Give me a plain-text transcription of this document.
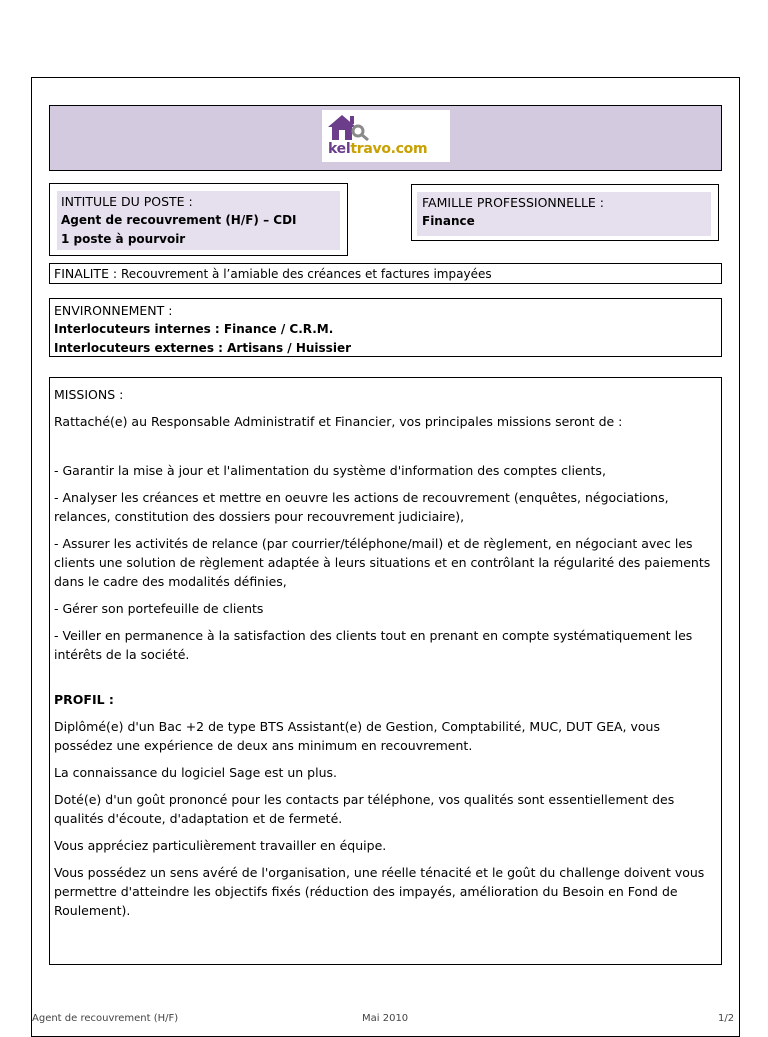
keltravo.com
INTITULE DU POSTE :
Agent de recouvrement (H/F) – CDI
1 poste à pourvoir
FAMILLE PROFESSIONNELLE :
Finance
FINALITE : Recouvrement à l’amiable des créances et factures impayées
ENVIRONNEMENT :
Interlocuteurs internes : Finance / C.R.M.
Interlocuteurs externes : Artisans / Huissier

MISSIONS :

Rattaché(e) au Responsable Administratif et Financier, vos principales missions seront de :

- Garantir la mise à jour et l'alimentation du système d'information des comptes clients,

- Analyser les créances et mettre en oeuvre les actions de recouvrement (enquêtes, négociations, relances, constitution des dossiers pour recouvrement judiciaire),

- Assurer les activités de relance (par courrier/téléphone/mail) et de règlement, en négociant avec les clients une solution de règlement adaptée à leurs situations et en contrôlant la régularité des paiements dans le cadre des modalités définies,

- Gérer son portefeuille de clients

- Veiller en permanence à la satisfaction des clients tout en prenant en compte systématiquement les intérêts de la société.

PROFIL :

Diplômé(e) d'un Bac +2 de type BTS Assistant(e) de Gestion, Comptabilité, MUC, DUT GEA, vous possédez une expérience de deux ans minimum en recouvrement.

La connaissance du logiciel Sage est un plus.

Doté(e) d'un goût prononcé pour les contacts par téléphone, vos qualités sont essentiellement des qualités d'écoute, d'adaptation et de fermeté.

Vous appréciez particulièrement travailler en équipe.

Vous possédez un sens avéré de l'organisation, une réelle ténacité et le goût du challenge doivent vous permettre d'atteindre les objectifs fixés (réduction des impayés, amélioration du Besoin en Fond de Roulement).

Agent de recouvrement (H/F)	Mai 2010	1/2
